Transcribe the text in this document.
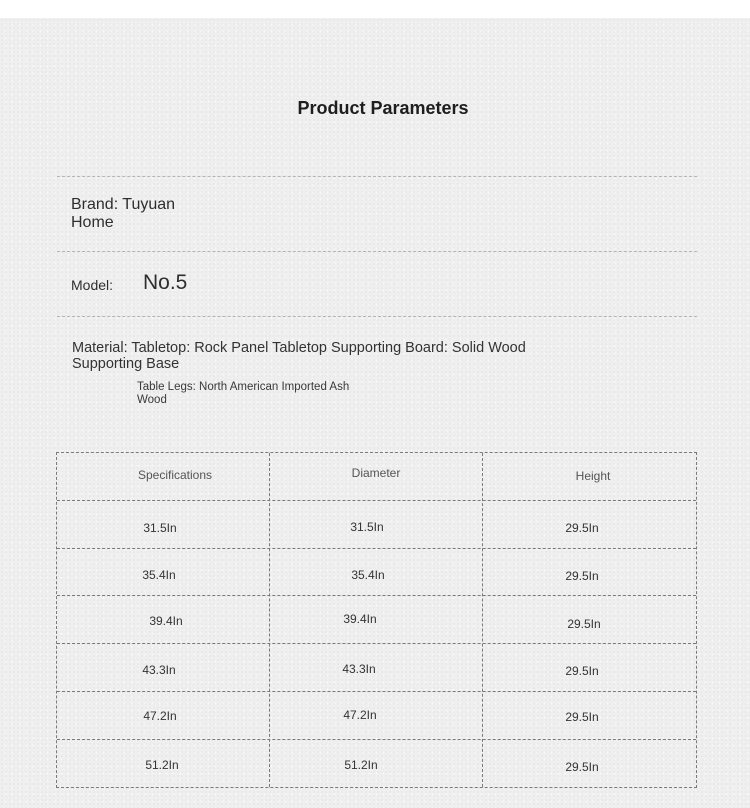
Product Parameters
Brand: Tuyuan Home
Model: No.5
Material: Tabletop: Rock Panel Tabletop Supporting Board: Solid Wood Supporting Base
Table Legs: North American Imported Ash Wood
Specifications	Diameter	Height
31.5In	31.5In	29.5In
35.4In	35.4In	29.5In
39.4In	39.4In	29.5In
43.3In	43.3In	29.5In
47.2In	47.2In	29.5In
51.2In	51.2In	29.5In
